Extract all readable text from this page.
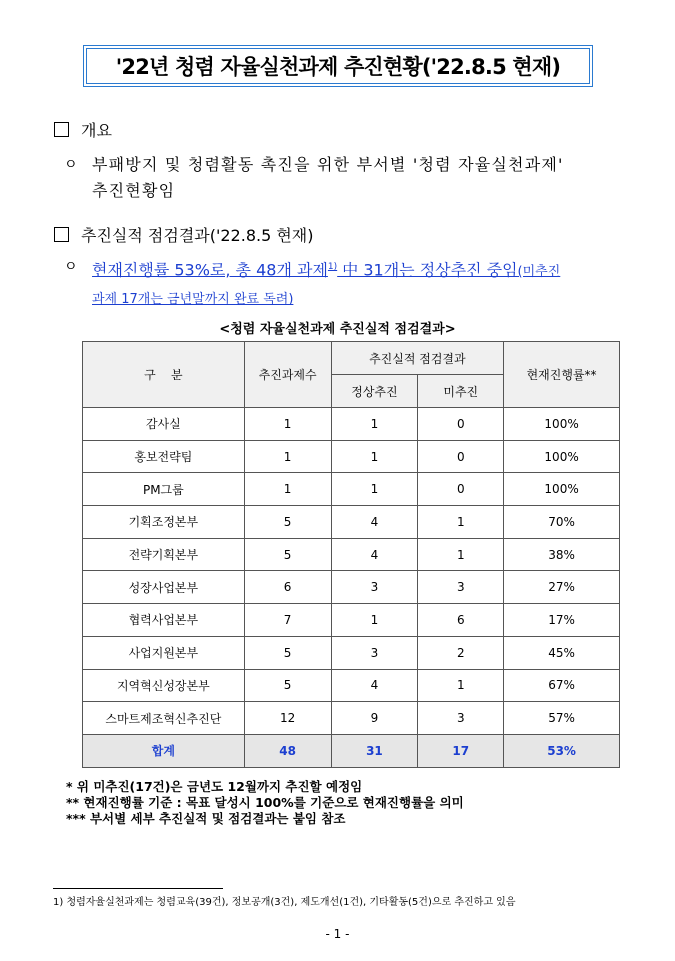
'22년 청렴 자율실천과제 추진현황('22.8.5 현재)
개요
ㅇ 부패방지 및 청렴활동 촉진을 위한 부서별 '청렴 자율실천과제'
추진현황임
추진실적 점검결과('22.8.5 현재)
ㅇ 현재진행률 53%로, 총 48개 과제$^{1)}$ 中 31개는 정상추진 중임(미추진
과제 17개는 금년말까지 완료 독려)
<청렴 자율실천과제 추진실적 점검결과>
구    분	추진과제수	추진실적 점검결과		현재진행률**
		정상추진	미추진	
감사실	1	1	0	100%
홍보전략팀	1	1	0	100%
PM그룹	1	1	0	100%
기획조정본부	5	4	1	70%
전략기획본부	5	4	1	38%
성장사업본부	6	3	3	27%
협력사업본부	7	1	6	17%
사업지원본부	5	3	2	45%
지역혁신성장본부	5	4	1	67%
스마트제조혁신추진단	12	9	3	57%
합계	48	31	17	53%
* 위 미추진(17건)은 금년도 12월까지 추진할 예정임
** 현재진행률 기준 : 목표 달성시 100%를 기준으로 현재진행률을 의미
*** 부서별 세부 추진실적 및 점검결과는 붙임 참조
1) 청렴자율실천과제는 청렴교육(39건), 정보공개(3건), 제도개선(1건), 기타활동(5건)으로 추진하고 있음
- 1 -
